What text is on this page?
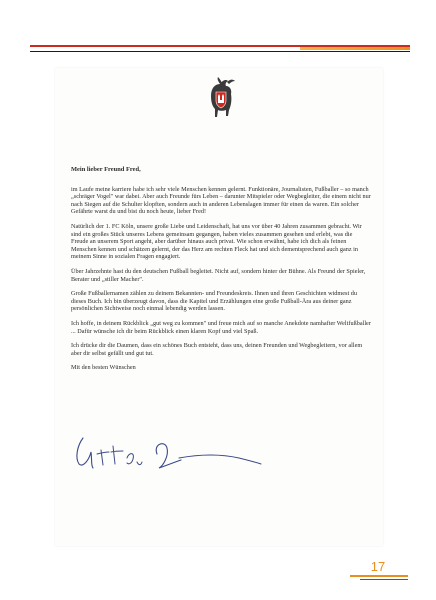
Mein lieber Freund Fred,

im Laufe meine karriere habe ich sehr viele Menschen kennen gelernt. Funktionäre, Journalisten, Fußballer – so manch „schräger Vogel" war dabei. Aber auch Freunde fürs Leben – darunter Mitspieler oder Wegbegleiter, die einem nicht nur nach Siegen auf die Schulter klopften, sondern auch in anderen Lebenslagen immer für einen da waren. Ein solcher Gefährte warst du und bist du noch heute, lieber Fred!

Natürlich der 1. FC Köln, unsere große Liebe und Leidenschaft, hat uns vor über 40 Jahren zusammen gebracht. Wir sind ein großes Stück unseres Lebens gemeinsam gegangen, haben vieles zusammen gesehen und erlebt, was die Freude an unserem Sport angeht, aber darüber hinaus auch privat. Wie schon erwähnt, habe ich dich als feinen Menschen kennen und schätzen gelernt, der das Herz am rechten Fleck hat und sich dementsprechend auch ganz in meinem Sinne in sozialen Fragen engagiert.

Über Jahrzehnte hast du den deutschen Fußball begleitet. Nicht auf, sondern hinter der Bühne. Als Freund der Spieler, Berater und „stiller Macher".

Große Fußballernamen zählen zu deinem Bekannten- und Freundeskreis. Ihnen und ihren Geschichten widmest du dieses Buch. Ich bin überzeugt davon, dass die Kapitel und Erzählungen eine große Fußball-Ära aus deiner ganz persönlichen Sichtweise noch einmal lebendig werden lassen.

Ich hoffe, in deinem Rückblick „gut weg zu kommen" und freue mich auf so manche Anekdote namhafter Weltfußballer ... Dafür wünsche ich dir beim Rückblick einen klaren Kopf und viel Spaß.

Ich drücke dir die Daumen, dass ein schönes Buch entsteht, dass uns, deinen Freunden und Wegbegleitern, vor allem aber dir selbst gefällt und gut tut.

Mit den besten Wünschen

17
